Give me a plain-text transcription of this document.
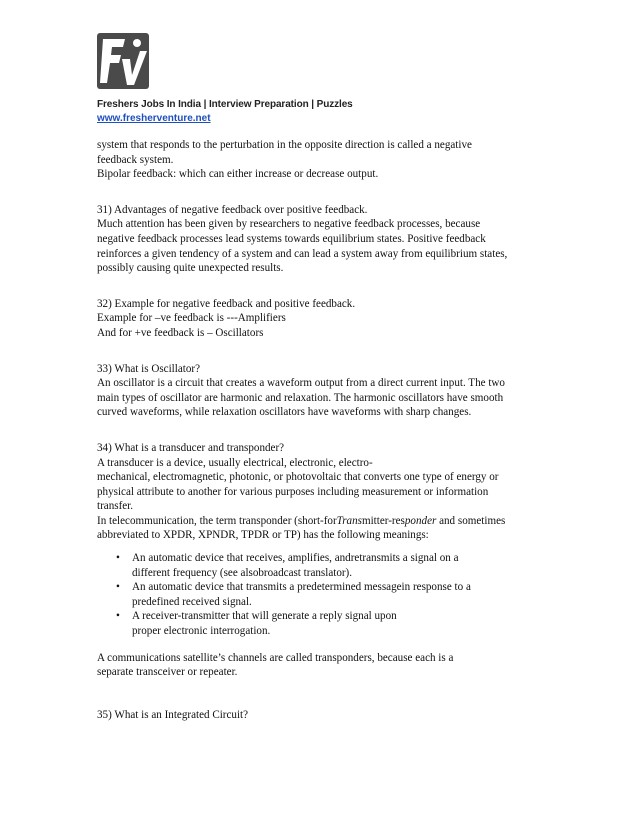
Freshers Jobs In India | Interview Preparation | Puzzles
www.fresherventure.net

system that responds to the perturbation in the opposite direction is called a negative

feedback system.

Bipolar feedback: which can either increase or decrease output.

31) Advantages of negative feedback over positive feedback.

Much attention has been given by researchers to negative feedback processes, because

negative feedback processes lead systems towards equilibrium states. Positive feedback

reinforces a given tendency of a system and can lead a system away from equilibrium states,

possibly causing quite unexpected results.

32) Example for negative feedback and positive feedback.

Example for –ve feedback is ---Amplifiers

And for +ve feedback is – Oscillators

33) What is Oscillator?

An oscillator is a circuit that creates a waveform output from a direct current input. The two

main types of oscillator are harmonic and relaxation. The harmonic oscillators have smooth

curved waveforms, while relaxation oscillators have waveforms with sharp changes.

34) What is a transducer and transponder?

A transducer is a device, usually electrical, electronic, electro-

mechanical, electromagnetic, photonic, or photovoltaic that converts one type of energy or

physical attribute to another for various purposes including measurement or information

transfer.

In telecommunication, the term transponder (short-forTransmitter-responder and sometimes

abbreviated to XPDR, XPNDR, TPDR or TP) has the following meanings:

• An automatic device that receives, amplifies, andretransmits a signal on a
different frequency (see alsobroadcast translator).
• An automatic device that transmits a predetermined messagein response to a
predefined received signal.
• A receiver-transmitter that will generate a reply signal upon
proper electronic interrogation.

A communications satellite’s channels are called transponders, because each is a

separate transceiver or repeater.

35) What is an Integrated Circuit?
